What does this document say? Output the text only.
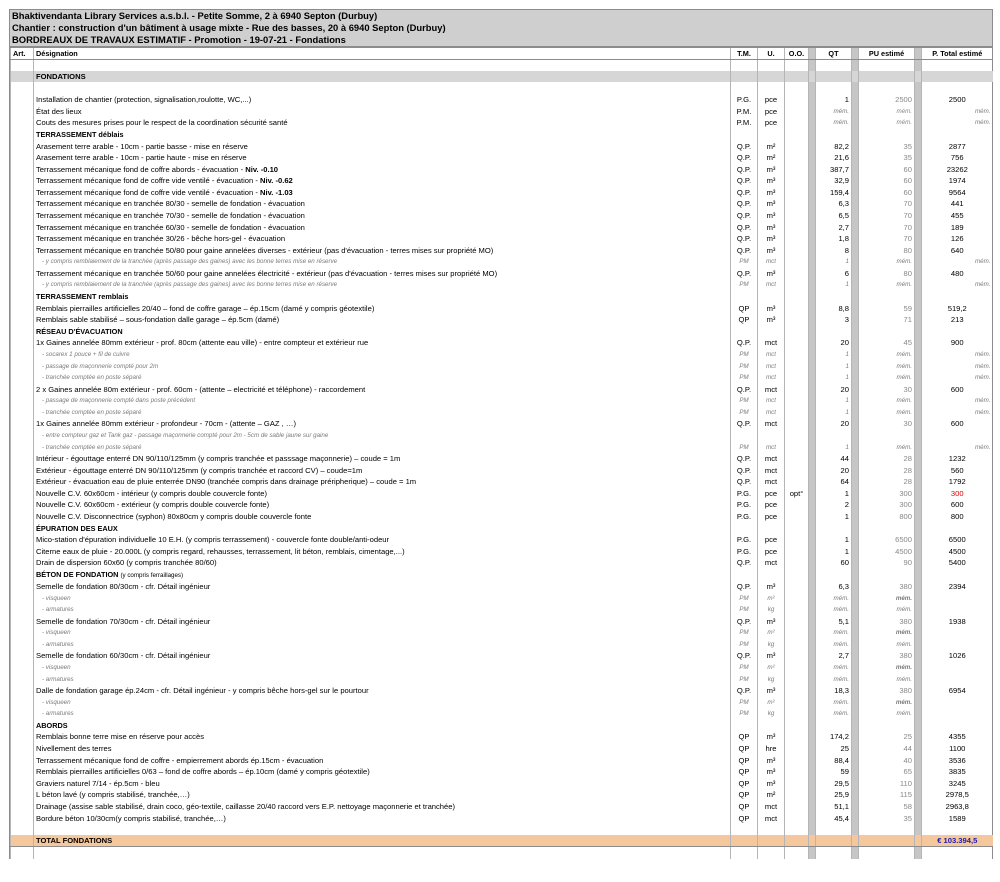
Bhaktivendanta Library Services a.s.b.l. - Petite Somme, 2 à 6940 Septon (Durbuy)
Chantier : construction d'un bâtiment à usage mixte - Rue des basses, 20 à 6940 Septon (Durbuy)
BORDREAUX DE TRAVAUX ESTIMATIF - Promotion - 19-07-21 - Fondations
Art.	Désignation	T.M.	U.	O.O.		QT		PU estimé		P. Total estimé

	FONDATIONS									

	Installation de chantier (protection, signalisation,roulotte, WC,...)	P.G.	pce			1		2500		2500
	État des lieux	P.M.	pce			mém.		mém.		mém.
	Couts des mesures prises pour le respect de la coordination sécurité santé	P.M.	pce			mém.		mém.		mém.
	TERRASSEMENT déblais									
	Arasement terre arable - 10cm - partie basse - mise en réserve	Q.P.	m²			82,2		35		2877
	Arasement terre arable - 10cm - partie haute - mise en réserve	Q.P.	m²			21,6		35		756
	Terrassement mécanique fond de coffre abords - évacuation - Niv. -0.10	Q.P.	m³			387,7		60		23262
	Terrassement mécanique fond de coffre vide ventilé - évacuation - Niv. -0.62	Q.P.	m³			32,9		60		1974
	Terrassement mécanique fond de coffre vide ventilé - évacuation - Niv. -1.03	Q.P.	m³			159,4		60		9564
	Terrassement mécanique en tranchée 80/30 - semelle de fondation - évacuation	Q.P.	m³			6,3		70		441
	Terrassement mécanique en tranchée 70/30 - semelle de fondation - évacuation	Q.P.	m³			6,5		70		455
	Terrassement mécanique en tranchée 60/30 - semelle de fondation - évacuation	Q.P.	m³			2,7		70		189
	Terrassement mécanique en tranchée 30/26 - bêche hors-gel - évacuation	Q.P.	m³			1,8		70		126
	Terrassement mécanique en tranchée 50/80 pour gaine annelées diverses - extérieur (pas d'évacuation - terres mises sur propriété MO)	Q.P.	m³			8		80		640
	- y compris remblaiement de la tranchée (après passage des gaines) avec les bonne terres mise en réserve	PM	mct			1		mém.		mém.
	Terrassement mécanique en tranchée 50/60 pour gaine annelées électricité - extérieur (pas d'évacuation - terres mises sur propriété MO)	Q.P.	m³			6		80		480
	- y compris remblaiement de la tranchée (après passage des gaines) avec les bonne terres mise en réserve	PM	mct			1		mém.		mém.
	TERRASSEMENT remblais									
	Remblais pierrailles artificielles 20/40 – fond de coffre garage – ép.15cm (damé y compris géotextile)	QP	m³			8,8		59		519,2
	Remblais sable stabilisé – sous-fondation dalle garage – ép.5cm (damé)	QP	m³			3		71		213
	RÉSEAU D'ÉVACUATION									
	1x Gaines annelée 80mm extérieur - prof. 80cm (attente eau ville) - entre compteur et extérieur rue	Q.P.	mct			20		45		900
	- socarex 1 pouce + fil de cuivre	PM	mct			1		mém.		mém.
	- passage de maçonnerie compté pour 2m	PM	mct			1		mém.		mém.
	- tranchée comptée en poste séparé	PM	mct			1		mém.		mém.
	2 x Gaines annelée 80m extérieur - prof. 60cm - (attente – electricité et téléphone) - raccordement	Q.P.	mct			20		30		600
	- passage de maçonnerie compté dans poste précédent	PM	mct			1		mém.		mém.
	- tranchée comptée en poste séparé	PM	mct			1		mém.		mém.
	1x Gaines annelée 80mm extérieur - profondeur - 70cm - (attente – GAZ , …)	Q.P.	mct			20		30		600
	- entre compteur gaz et Tank gaz - passage maçonnerie compté pour 2m - 5cm de sable jaune sur gaine									
	- tranchée comptée en poste séparé	PM	mct			1		mém.		mém.
	Intérieur - égouttage enterré DN 90/110/125mm (y compris tranchée et passsage maçonnerie) – coude = 1m	Q.P.	mct			44		28		1232
	Extérieur - égouttage enterré DN 90/110/125mm (y compris tranchée et raccord CV) – coude=1m	Q.P.	mct			20		28		560
	Extérieur - évacuation eau de pluie enterrée DN90 (tranchée compris dans drainage préripherique) – coude = 1m	Q.P.	mct			64		28		1792
	Nouvelle C.V. 60x60cm - intérieur (y compris double couvercle fonte)	P.G.	pce	opt°		1		300		300
	Nouvelle C.V. 60x60cm - extérieur (y compris double couvercle fonte)	P.G.	pce			2		300		600
	Nouvelle C.V. Disconnectrice (syphon) 80x80cm y compris double couvercle fonte	P.G.	pce			1		800		800
	ÉPURATION DES EAUX									
	Mico-station d'épuration individuelle 10 E.H. (y compris terrassement) - couvercle fonte double/anti-odeur	P.G.	pce			1		6500		6500
	Citerne eaux de pluie - 20.000L (y compris regard, rehausses, terrassement, lit béton, remblais, cimentage,...)	P.G.	pce			1		4500		4500
	Drain de dispersion 60x60 (y compris tranchée 80/60)	Q.P.	mct			60		90		5400
	BÉTON DE FONDATION (y compris ferraillages)									
	Semelle de fondation 80/30cm - cfr. Détail ingénieur	Q.P.	m³			6,3		380		2394
	- visqueen	PM	m²			mém.		mém.		
	- armatures	PM	kg			mém.		mém.		
	Semelle de fondation 70/30cm - cfr. Détail ingénieur	Q.P.	m³			5,1		380		1938
	- visqueen	PM	m²			mém.		mém.		
	- armatures	PM	kg			mém.		mém.		
	Semelle de fondation 60/30cm - cfr. Détail ingénieur	Q.P.	m³			2,7		380		1026
	- visqueen	PM	m²			mém.		mém.		
	- armatures	PM	kg			mém.		mém.		
	Dalle de fondation garage ép.24cm - cfr. Détail ingénieur - y compris bêche hors-gel sur le pourtour	Q.P.	m³			18,3		380		6954
	- visqueen	PM	m²			mém.		mém.		
	- armatures	PM	kg			mém.		mém.		
	ABORDS									
	Remblais bonne terre mise en réserve pour accès	QP	m³			174,2		25		4355
	Nivellement des terres	QP	hre			25		44		1100
	Terrassement mécanique fond de coffre - empierrement abords ép.15cm - évacuation	QP	m³			88,4		40		3536
	Remblais pierrailles artificielles 0/63 – fond de coffre abords – ép.10cm (damé y compris géotextile)	QP	m³			59		65		3835
	Graviers naturel 7/14 - ép.5cm - bleu	QP	m³			29,5		110		3245
	L béton lavé (y compris stabilisé, tranchée,…)	QP	m²			25,9		115		2978,5
	Drainage (assise sable stabilisé, drain coco, géo-textile, caillasse 20/40 raccord vers E.P. nettoyage maçonnerie et tranchée)	QP	mct			51,1		58		2963,8
	Bordure béton 10/30cm(y compris stabilisé, tranchée,…)	QP	mct			45,4		35		1589

	TOTAL FONDATIONS									€ 103.394,5
